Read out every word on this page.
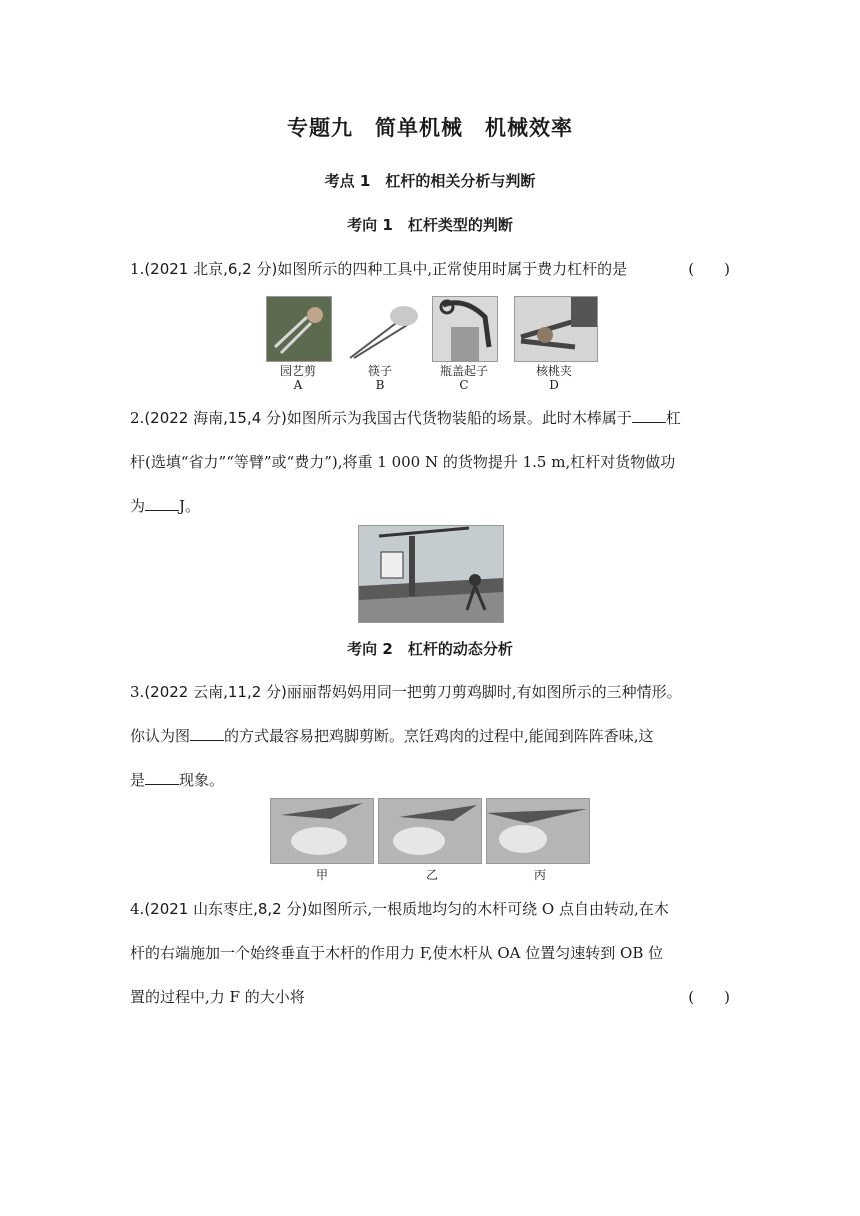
专题九　简单机械　机械效率
考点 1　杠杆的相关分析与判断
考向 1　杠杆类型的判断
1.(2021 北京,6,2 分)如图所示的四种工具中,正常使用时属于费力杠杆的是	(　　)
园艺剪
A
筷子
B
瓶盖起子
C
核桃夹
D
2.(2022 海南,15,4 分)如图所示为我国古代货物装船的场景。此时木棒属于 杠
杆(选填“省力”“等臂”或“费力”),将重 1 000 N 的货物提升 1.5 m,杠杆对货物做功
为 J。
考向 2　杠杆的动态分析
3.(2022 云南,11,2 分)丽丽帮妈妈用同一把剪刀剪鸡脚时,有如图所示的三种情形。
你认为图 的方式最容易把鸡脚剪断。烹饪鸡肉的过程中,能闻到阵阵香味,这
是 现象。
甲	乙	丙
4.(2021 山东枣庄,8,2 分)如图所示,一根质地均匀的木杆可绕 O 点自由转动,在木
杆的右端施加一个始终垂直于木杆的作用力 F,使木杆从 OA 位置匀速转到 OB 位
置的过程中,力 F 的大小将	(　　)
